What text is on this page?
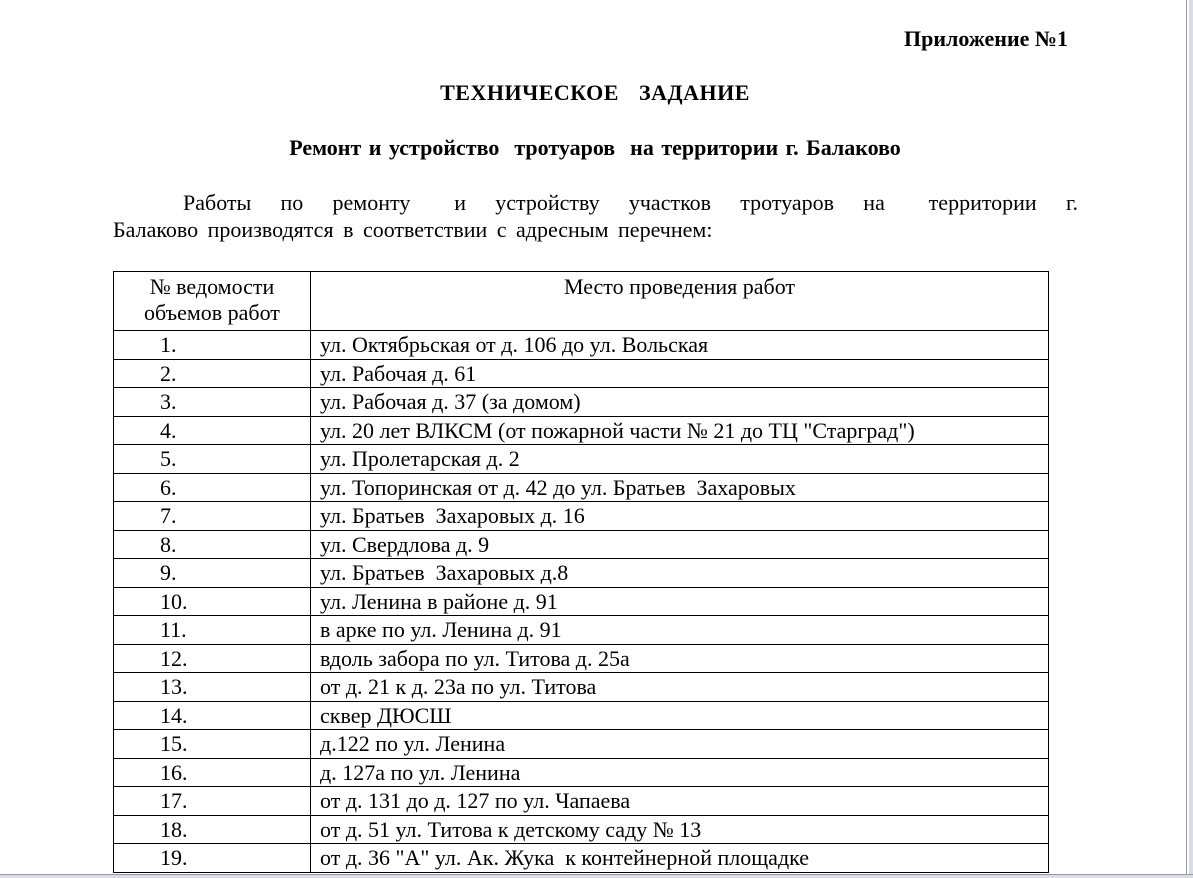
Приложение №1
ТЕХНИЧЕСКОЕ  ЗАДАНИЕ
Ремонт и устройство  тротуаров  на территории г. Балаково
Работы  по  ремонту   и  устройству  участков  тротуаров  на   территории  г.  Балаково производятся в соответствии с адресным перечнем:
№ ведомости объемов работ	Место проведения работ
1.	ул. Октябрьская от д. 106 до ул. Вольская
2.	ул. Рабочая д. 61
3.	ул. Рабочая д. 37 (за домом)
4.	ул. 20 лет ВЛКСМ (от пожарной части № 21 до ТЦ "Старград")
5.	ул. Пролетарская д. 2
6.	ул. Топоринская от д. 42 до ул. Братьев  Захаровых
7.	ул. Братьев  Захаровых д. 16
8.	ул. Свердлова д. 9
9.	ул. Братьев  Захаровых д.8
10.	ул. Ленина в районе д. 91
11.	в арке по ул. Ленина д. 91
12.	вдоль забора по ул. Титова д. 25а
13.	от д. 21 к д. 23а по ул. Титова
14.	сквер ДЮСШ
15.	д.122 по ул. Ленина
16.	д. 127а по ул. Ленина
17.	от д. 131 до д. 127 по ул. Чапаева
18.	от д. 51 ул. Титова к детскому саду № 13
19.	от д. 36 "А" ул. Ак. Жука  к контейнерной площадке
